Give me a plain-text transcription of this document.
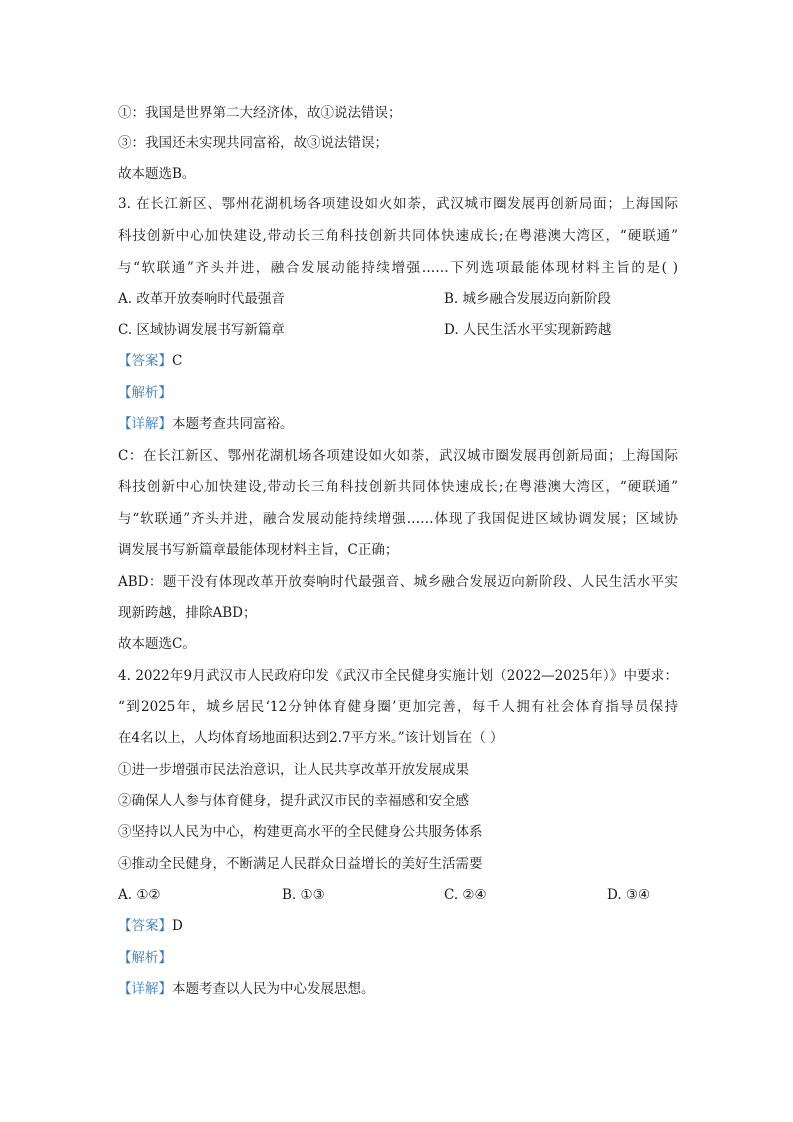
①：我国是世界第二大经济体，故①说法错误；
③：我国还未实现共同富裕，故③说法错误；
故本题选B。
3. 在长江新区、鄂州花湖机场各项建设如火如荼，武汉城市圈发展再创新局面；上海国际
科技创新中心加快建设,带动长三角科技创新共同体快速成长;在粤港澳大湾区，“硬联通”
与“软联通”齐头并进，融合发展动能持续增强……下列选项最能体现材料主旨的是( )
A. 改革开放奏响时代最强音	B. 城乡融合发展迈向新阶段
C. 区域协调发展书写新篇章	D. 人民生活水平实现新跨越
【答案】C
【解析】
【详解】本题考查共同富裕。
C：在长江新区、鄂州花湖机场各项建设如火如荼，武汉城市圈发展再创新局面；上海国际
科技创新中心加快建设,带动长三角科技创新共同体快速成长;在粤港澳大湾区，“硬联通”
与“软联通”齐头并进，融合发展动能持续增强……体现了我国促进区域协调发展；区域协
调发展书写新篇章最能体现材料主旨，C正确；
ABD：题干没有体现改革开放奏响时代最强音、城乡融合发展迈向新阶段、人民生活水平实
现新跨越，排除ABD；
故本题选C。
4. 2022年9月武汉市人民政府印发《武汉市全民健身实施计划（2022—2025年）》中要求：
“到2025年，城乡居民‘12分钟体育健身圈’更加完善，每千人拥有社会体育指导员保持
在4名以上，人均体育场地面积达到2.7平方米。”该计划旨在（ ）
①进一步增强市民法治意识，让人民共享改革开放发展成果
②确保人人参与体育健身，提升武汉市民的幸福感和安全感
③坚持以人民为中心，构建更高水平的全民健身公共服务体系
④推动全民健身，不断满足人民群众日益增长的美好生活需要
A. ①②	B. ①③	C. ②④	D. ③④
【答案】D
【解析】
【详解】本题考查以人民为中心发展思想。
